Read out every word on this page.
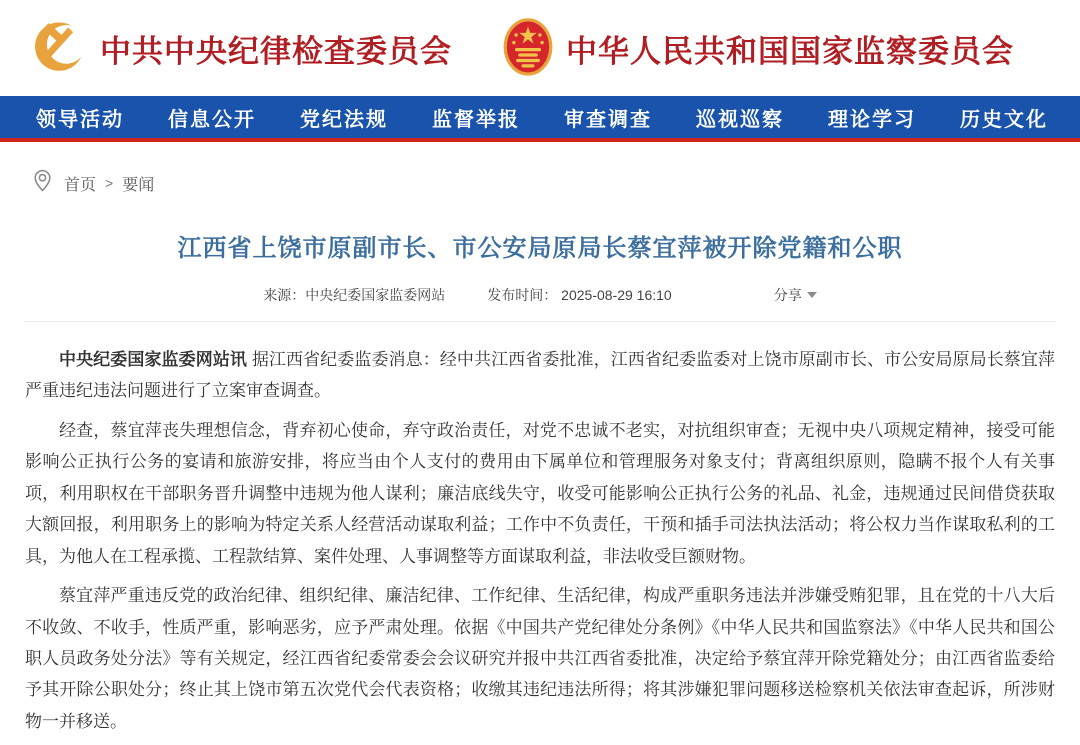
中共中央纪律检查委员会	中华人民共和国国家监察委员会
领导活动 信息公开 党纪法规 监督举报 审查调查 巡视巡察 理论学习 历史文化
首页 > 要闻
江西省上饶市原副市长、市公安局原局长蔡宜萍被开除党籍和公职
来源：中央纪委国家监委网站	发布时间： 2025-08-29 16:10	分享

中央纪委国家监委网站讯 据江西省纪委监委消息：经中共江西省委批准，江西省纪委监委对上饶市原副市长、市公安局原局长蔡宜萍严重违纪违法问题进行了立案审查调查。

经查，蔡宜萍丧失理想信念，背弃初心使命，弃守政治责任，对党不忠诚不老实，对抗组织审查；无视中央八项规定精神，接受可能影响公正执行公务的宴请和旅游安排，将应当由个人支付的费用由下属单位和管理服务对象支付；背离组织原则，隐瞒不报个人有关事项，利用职权在干部职务晋升调整中违规为他人谋利；廉洁底线失守，收受可能影响公正执行公务的礼品、礼金，违规通过民间借贷获取大额回报，利用职务上的影响为特定关系人经营活动谋取利益；工作中不负责任，干预和插手司法执法活动；将公权力当作谋取私利的工具，为他人在工程承揽、工程款结算、案件处理、人事调整等方面谋取利益，非法收受巨额财物。

蔡宜萍严重违反党的政治纪律、组织纪律、廉洁纪律、工作纪律、生活纪律，构成严重职务违法并涉嫌受贿犯罪，且在党的十八大后不收敛、不收手，性质严重，影响恶劣，应予严肃处理。依据《中国共产党纪律处分条例》《中华人民共和国监察法》《中华人民共和国公职人员政务处分法》等有关规定，经江西省纪委常委会会议研究并报中共江西省委批准，决定给予蔡宜萍开除党籍处分；由江西省监委给予其开除公职处分；终止其上饶市第五次党代会代表资格；收缴其违纪违法所得；将其涉嫌犯罪问题移送检察机关依法审查起诉，所涉财物一并移送。
